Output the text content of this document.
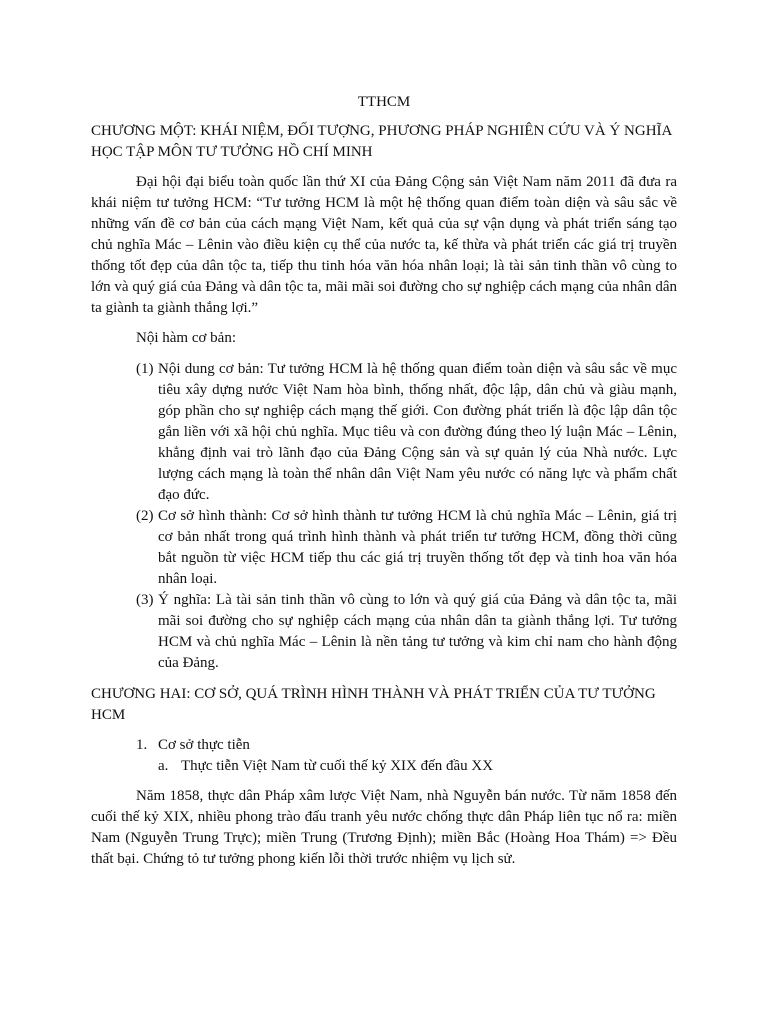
TTHCM

CHƯƠNG MỘT: KHÁI NIỆM, ĐỐI TƯỢNG, PHƯƠNG PHÁP NGHIÊN CỨU VÀ Ý NGHĨA HỌC TẬP MÔN TƯ TƯỞNG HỒ CHÍ MINH

Đại hội đại biểu toàn quốc lần thứ XI của Đảng Cộng sản Việt Nam năm 2011 đã đưa ra khái niệm tư tưởng HCM: “Tư tưởng HCM là một hệ thống quan điểm toàn diện và sâu sắc về những vấn đề cơ bản của cách mạng Việt Nam, kết quả của sự vận dụng và phát triển sáng tạo chủ nghĩa Mác – Lênin vào điều kiện cụ thể của nước ta, kế thừa và phát triển các giá trị truyền thống tốt đẹp của dân tộc ta, tiếp thu tinh hóa văn hóa nhân loại; là tài sản tinh thần vô cùng to lớn và quý giá của Đảng và dân tộc ta, mãi mãi soi đường cho sự nghiệp cách mạng của nhân dân ta giành ta giành thắng lợi.”

Nội hàm cơ bản:

(1) Nội dung cơ bản: Tư tưởng HCM là hệ thống quan điểm toàn diện và sâu sắc về mục tiêu xây dựng nước Việt Nam hòa bình, thống nhất, độc lập, dân chủ và giàu mạnh, góp phần cho sự nghiệp cách mạng thế giới. Con đường phát triển là độc lập dân tộc gắn liền với xã hội chủ nghĩa. Mục tiêu và con đường đúng theo lý luận Mác – Lênin, khẳng định vai trò lãnh đạo của Đảng Cộng sản và sự quản lý của Nhà nước. Lực lượng cách mạng là toàn thể nhân dân Việt Nam yêu nước có năng lực và phẩm chất đạo đức.
(2) Cơ sở hình thành: Cơ sở hình thành tư tưởng HCM là chủ nghĩa Mác – Lênin, giá trị cơ bản nhất trong quá trình hình thành và phát triển tư tưởng HCM, đồng thời cũng bắt nguồn từ việc HCM tiếp thu các giá trị truyền thống tốt đẹp và tinh hoa văn hóa nhân loại.
(3) Ý nghĩa: Là tài sản tinh thần vô cùng to lớn và quý giá của Đảng và dân tộc ta, mãi mãi soi đường cho sự nghiệp cách mạng của nhân dân ta giành thắng lợi. Tư tưởng HCM và chủ nghĩa Mác – Lênin là nền tảng tư tưởng và kim chỉ nam cho hành động của Đảng.

CHƯƠNG HAI: CƠ SỞ, QUÁ TRÌNH HÌNH THÀNH VÀ PHÁT TRIỂN CỦA TƯ TƯỞNG HCM

1. Cơ sở thực tiễn
a. Thực tiễn Việt Nam từ cuối thế kỷ XIX đến đầu XX

Năm 1858, thực dân Pháp xâm lược Việt Nam, nhà Nguyễn bán nước. Từ năm 1858 đến cuối thế kỷ XIX, nhiều phong trào đấu tranh yêu nước chống thực dân Pháp liên tục nổ ra: miền Nam (Nguyễn Trung Trực); miền Trung (Trương Định); miền Bắc (Hoàng Hoa Thám) => Đều thất bại. Chứng tỏ tư tưởng phong kiến lỗi thời trước nhiệm vụ lịch sử.
